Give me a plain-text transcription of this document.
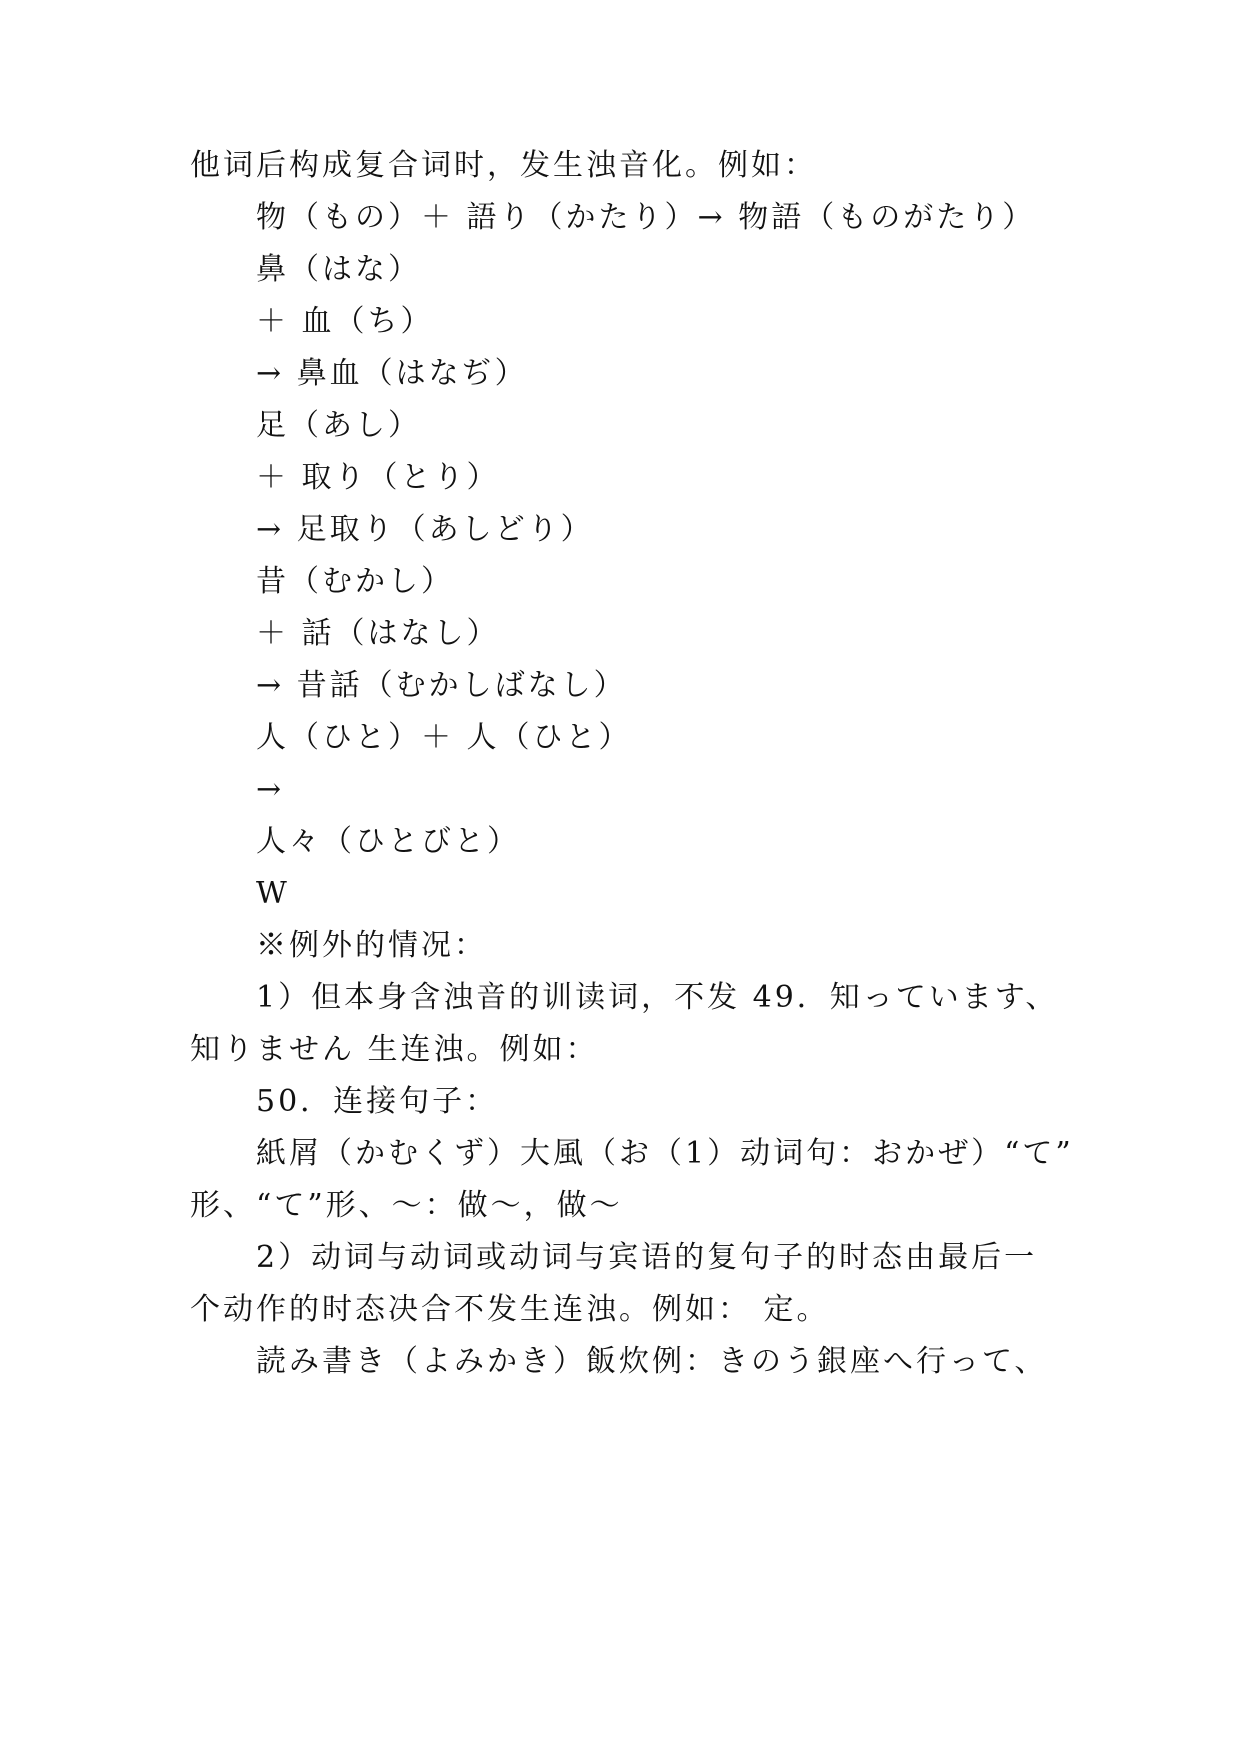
他词后构成复合词时，发生浊音化。例如：
物（もの）＋ 語り（かたり）→ 物語（ものがたり）
鼻（はな）
＋ 血（ち）
→ 鼻血（はなぢ）
足（あし）
＋ 取り（とり）
→ 足取り（あしどり）
昔（むかし）
＋ 話（はなし）
→ 昔話（むかしばなし）
人（ひと）＋ 人（ひと）
→
人々（ひとびと）
W
※例外的情况：
1）但本身含浊音的训读词，不发 49．知っています、
知りません 生连浊。例如：
50．连接句子：
紙屑（かむくず）大風（お（1）动词句：おかぜ）“て”
形、“て”形、～：做～，做～
2）动词与动词或动词与宾语的复句子的时态由最后一
个动作的时态决合不发生连浊。例如： 定。
読み書き（よみかき）飯炊例：きのう銀座へ行って、
